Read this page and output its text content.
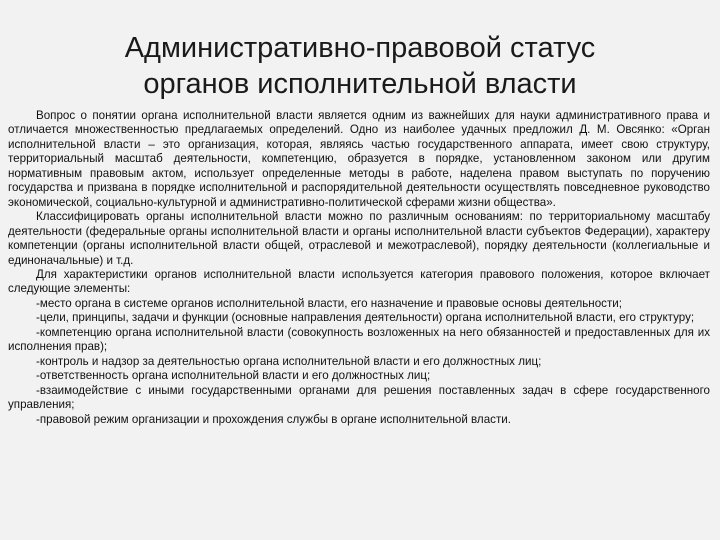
Административно-правовой статус
органов исполнительной власти

Вопрос о понятии органа исполнительной власти является одним из важнейших для науки административного права и отличается множественностью предлагаемых определений. Одно из наиболее удачных предложил Д. М. Овсянко: «Орган исполнительной власти – это организация, которая, являясь частью государственного аппарата, имеет свою структуру, территориальный масштаб деятельности, компетенцию, образуется в порядке, установленном законом или другим нормативным правовым актом, использует определенные методы в работе, наделена правом выступать по поручению государства и призвана в порядке исполнительной и распорядительной деятельности осуществлять повседневное руководство экономической, социально-культурной и административно-политической сферами жизни общества».

Классифицировать органы исполнительной власти можно по различным основаниям: по территориальному масштабу деятельности (федеральные органы исполнительной власти и органы исполнительной власти субъектов Федерации), характеру компетенции (органы исполнительной власти общей, отраслевой и межотраслевой), порядку деятельности (коллегиальные и единоначальные) и т.д.

Для характеристики органов исполнительной власти используется категория правового положения, которое включает следующие элементы:

-место органа в системе органов исполнительной власти, его назначение и правовые основы деятельности;

-цели, принципы, задачи и функции (основные направления деятельности) органа исполнительной власти, его структуру;

-компетенцию органа исполнительной власти (совокупность возложенных на него обязанностей и предоставленных для их исполнения прав);

-контроль и надзор за деятельностью органа исполнительной власти и его должностных лиц;

-ответственность органа исполнительной власти и его должностных лиц;

-взаимодействие с иными государственными органами для решения поставленных задач в сфере государственного управления;

-правовой режим организации и прохождения службы в органе исполнительной власти.
